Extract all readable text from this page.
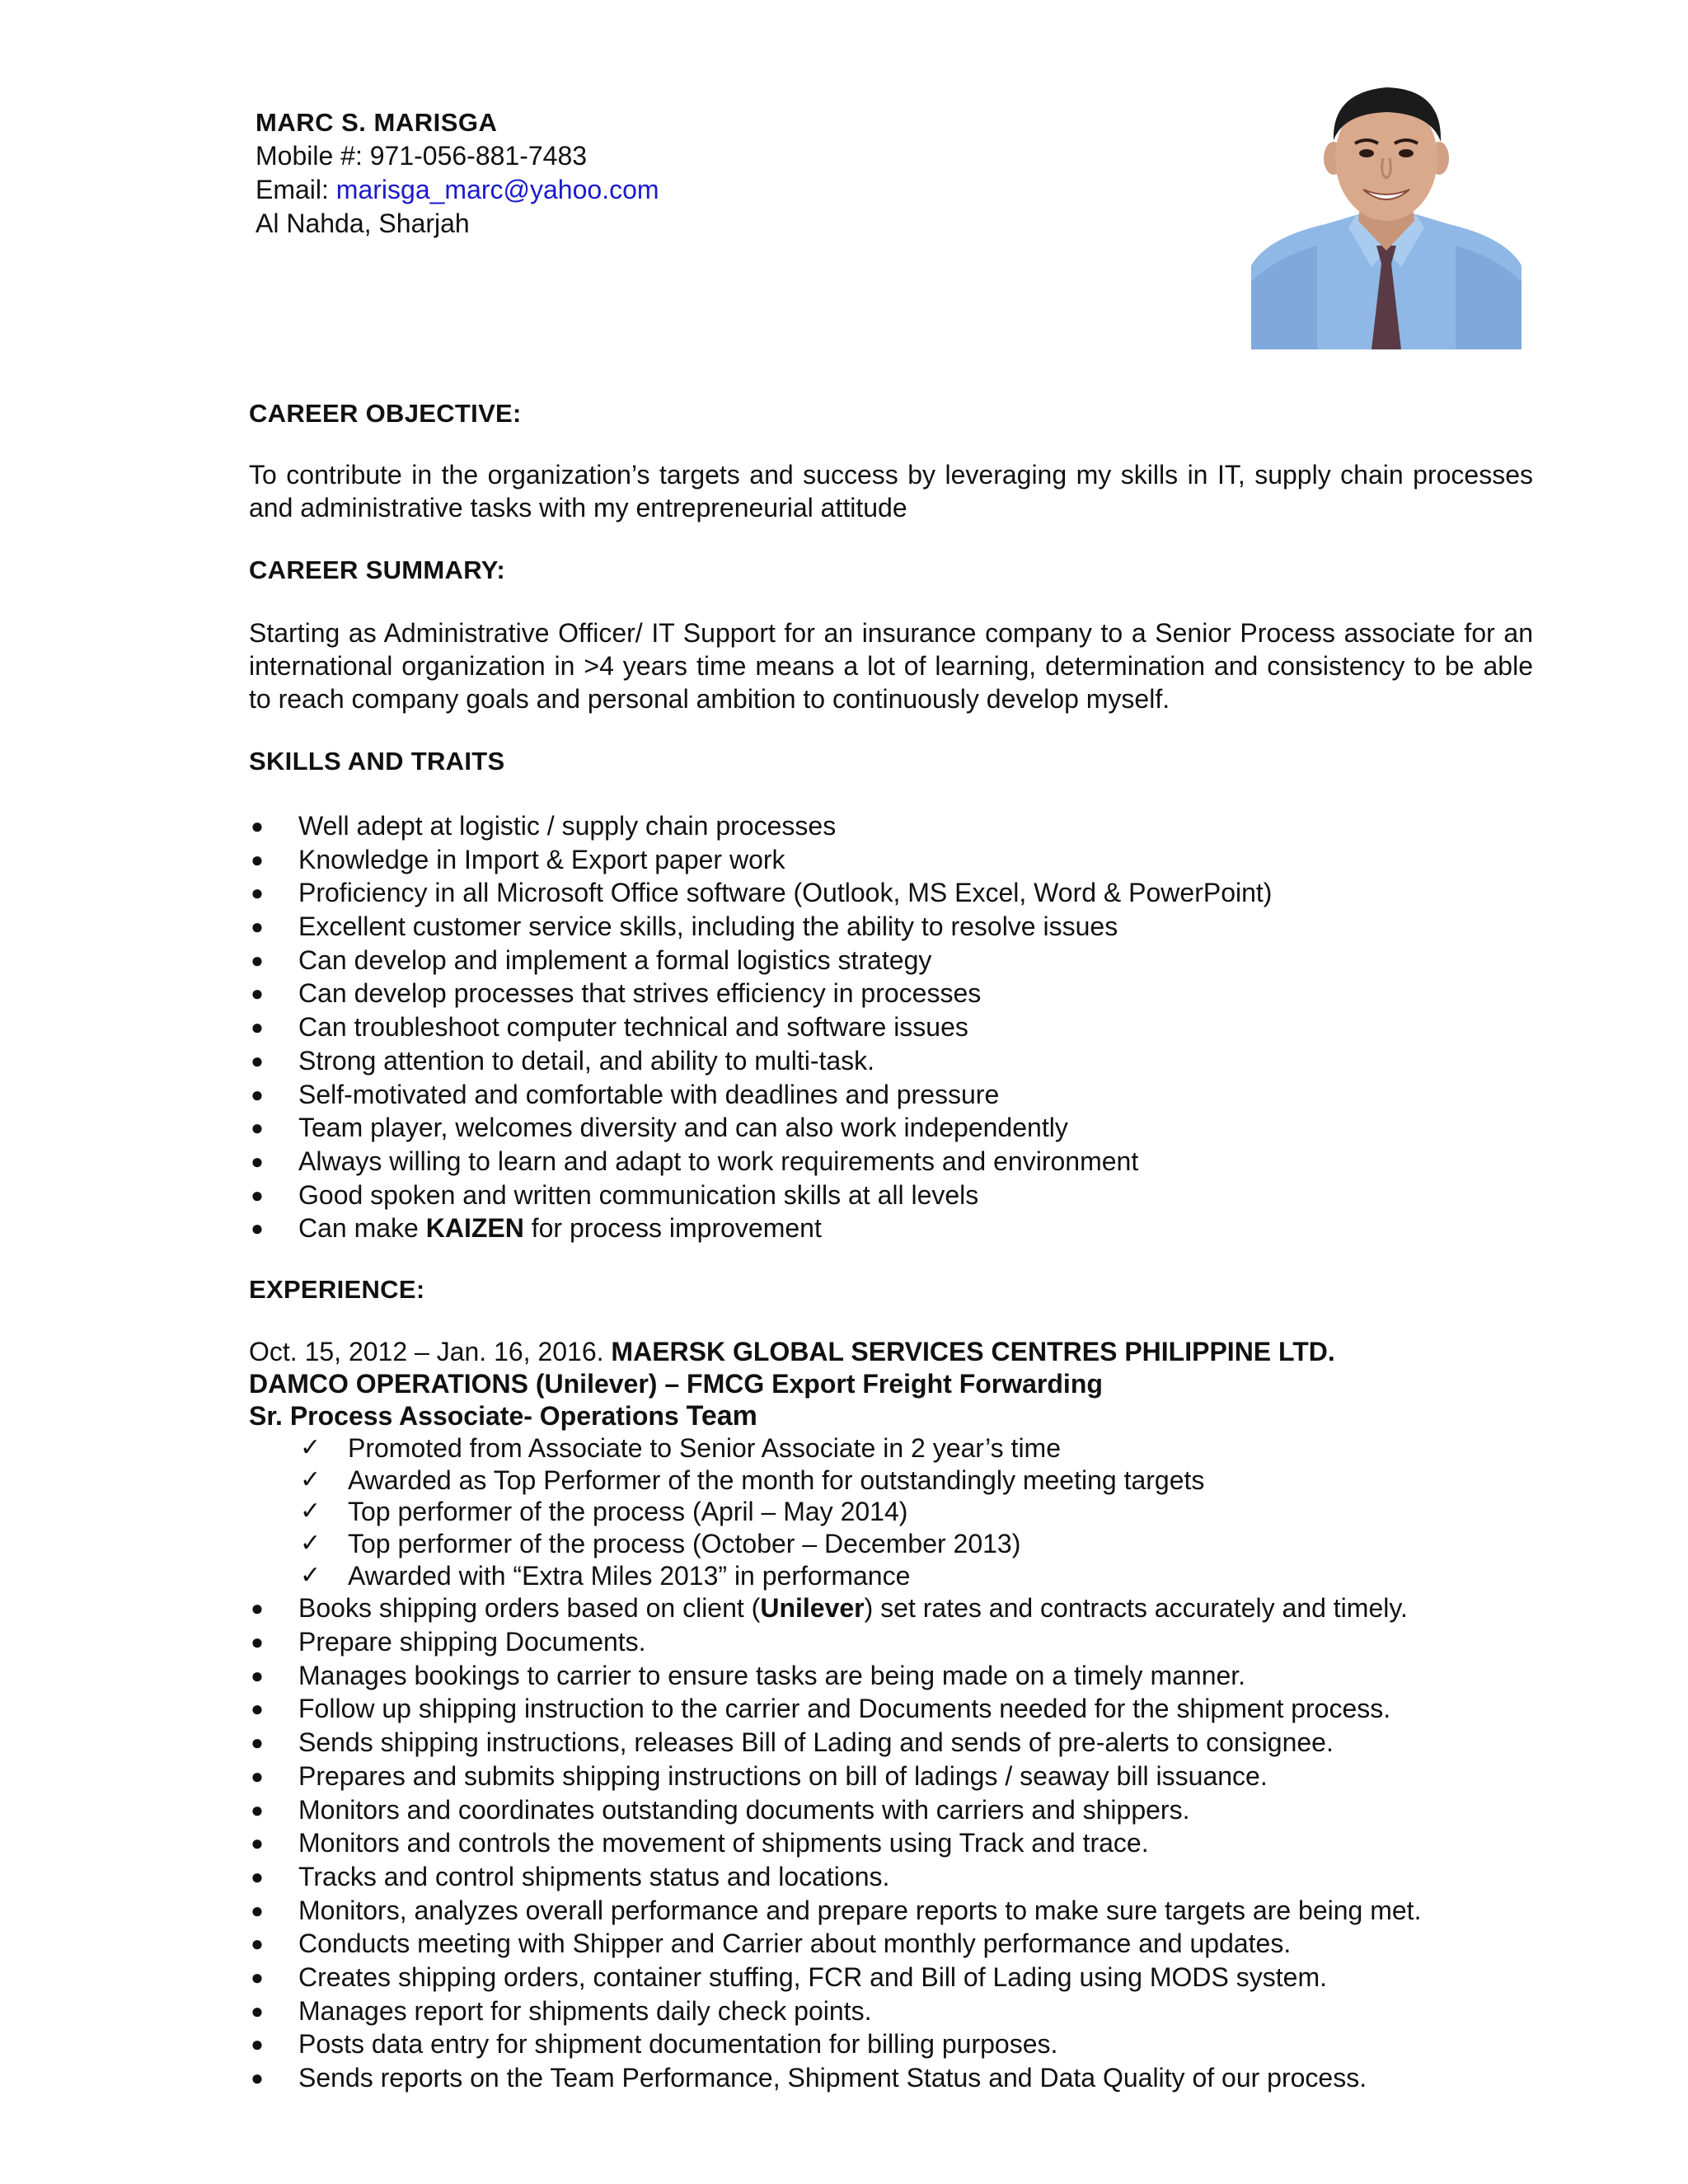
MARC S. MARISGA
Mobile #: 971-056-881-7483
Email: marisga_marc@yahoo.com
Al Nahda, Sharjah
CAREER OBJECTIVE:
To contribute in the organization’s targets and success by leveraging my skills in IT, supply chain processes and administrative tasks with my entrepreneurial attitude
CAREER SUMMARY:
Starting as Administrative Officer/ IT Support for an insurance company to a Senior Process associate for an international organization in >4 years time means a lot of learning, determination and consistency to be able to reach company goals and personal ambition to continuously develop myself.
SKILLS AND TRAITS
● Well adept at logistic / supply chain processes
● Knowledge in Import & Export paper work
● Proficiency in all Microsoft Office software (Outlook, MS Excel, Word & PowerPoint)
● Excellent customer service skills, including the ability to resolve issues
● Can develop and implement a formal logistics strategy
● Can develop processes that strives efficiency in processes
● Can troubleshoot computer technical and software issues
● Strong attention to detail, and ability to multi-task.
● Self-motivated and comfortable with deadlines and pressure
● Team player, welcomes diversity and can also work independently
● Always willing to learn and adapt to work requirements and environment
● Good spoken and written communication skills at all levels
● Can make KAIZEN for process improvement
EXPERIENCE:
Oct. 15, 2012 – Jan. 16, 2016. MAERSK GLOBAL SERVICES CENTRES PHILIPPINE LTD.
DAMCO OPERATIONS (Unilever) – FMCG Export Freight Forwarding
Sr. Process Associate- Operations Team
✓ Promoted from Associate to Senior Associate in 2 year’s time
✓ Awarded as Top Performer of the month for outstandingly meeting targets
✓ Top performer of the process (April – May 2014)
✓ Top performer of the process (October – December 2013)
✓ Awarded with “Extra Miles 2013” in performance
● Books shipping orders based on client (Unilever) set rates and contracts accurately and timely.
● Prepare shipping Documents.
● Manages bookings to carrier to ensure tasks are being made on a timely manner.
● Follow up shipping instruction to the carrier and Documents needed for the shipment process.
● Sends shipping instructions, releases Bill of Lading and sends of pre-alerts to consignee.
● Prepares and submits shipping instructions on bill of ladings / seaway bill issuance.
● Monitors and coordinates outstanding documents with carriers and shippers.
● Monitors and controls the movement of shipments using Track and trace.
● Tracks and control shipments status and locations.
● Monitors, analyzes overall performance and prepare reports to make sure targets are being met.
● Conducts meeting with Shipper and Carrier about monthly performance and updates.
● Creates shipping orders, container stuffing, FCR and Bill of Lading using MODS system.
● Manages report for shipments daily check points.
● Posts data entry for shipment documentation for billing purposes.
● Sends reports on the Team Performance, Shipment Status and Data Quality of our process.
